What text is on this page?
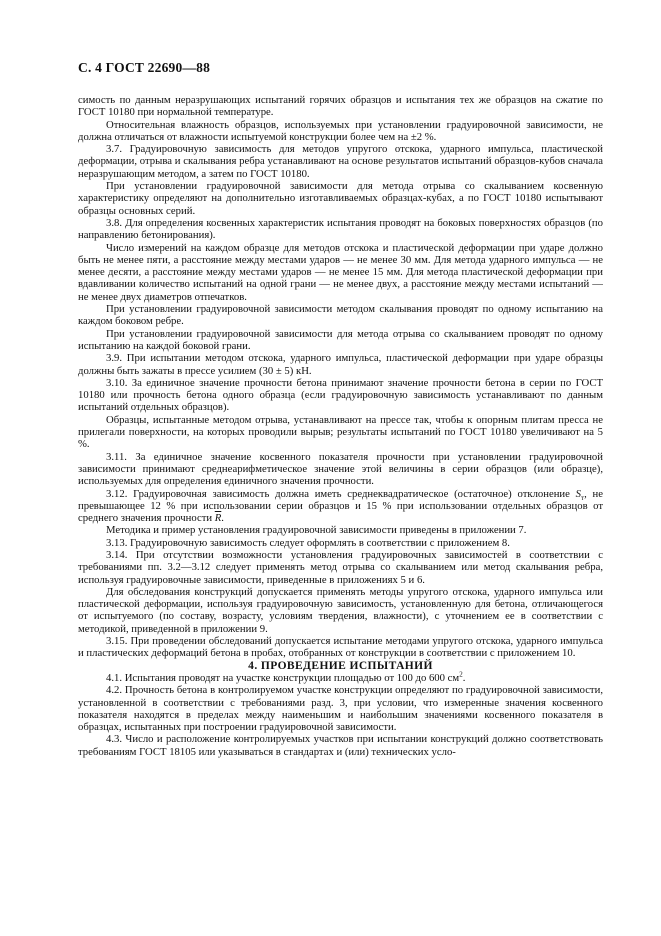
С. 4 ГОСТ 22690—88

симость по данным неразрушающих испытаний горячих образцов и испытания тех же образцов на сжатие по ГОСТ 10180 при нормальной температуре.

Относительная влажность образцов, используемых при установлении градуировочной зависимости, не должна отличаться от влажности испытуемой конструкции более чем на ±2 %.

3.7. Градуировочную зависимость для методов упругого отскока, ударного импульса, пластической деформации, отрыва и скалывания ребра устанавливают на основе результатов испытаний образцов-кубов сначала неразрушающим методом, а затем по ГОСТ 10180.

При установлении градуировочной зависимости для метода отрыва со скалыванием косвенную характеристику определяют на дополнительно изготавливаемых образцах-кубах, а по ГОСТ 10180 испытывают образцы основных серий.

3.8. Для определения косвенных характеристик испытания проводят на боковых поверхностях образцов (по направлению бетонирования).

Число измерений на каждом образце для методов отскока и пластической деформации при ударе должно быть не менее пяти, а расстояние между местами ударов — не менее 30 мм. Для метода ударного импульса — не менее десяти, а расстояние между местами ударов — не менее 15 мм. Для метода пластической деформации при вдавливании количество испытаний на одной грани — не менее двух, а расстояние между местами испытаний — не менее двух диаметров отпечатков.

При установлении градуировочной зависимости методом скалывания проводят по одному испытанию на каждом боковом ребре.

При установлении градуировочной зависимости для метода отрыва со скалыванием проводят по одному испытанию на каждой боковой грани.

3.9. При испытании методом отскока, ударного импульса, пластической деформации при ударе образцы должны быть зажаты в прессе усилием (30 ± 5) кН.

3.10. За единичное значение прочности бетона принимают значение прочности бетона в серии по ГОСТ 10180 или прочность бетона одного образца (если градуировочную зависимость устанавливают по данным испытаний отдельных образцов).

Образцы, испытанные методом отрыва, устанавливают на прессе так, чтобы к опорным плитам пресса не прилегали поверхности, на которых проводили вырыв; результаты испытаний по ГОСТ 10180 увеличивают на 5 %.

3.11. За единичное значение косвенного показателя прочности при установлении градуировочной зависимости принимают среднеарифметическое значение этой величины в серии образцов (или образце), используемых для определения единичного значения прочности.

3.12. Градуировочная зависимость должна иметь среднеквадратическое (остаточное) отклонение $S_т$, не превышающее 12 % при использовании серии образцов и 15 % при использовании отдельных образцов от среднего значения прочности $\overline{R}$.

Методика и пример установления градуировочной зависимости приведены в приложении 7.

3.13. Градуировочную зависимость следует оформлять в соответствии с приложением 8.

3.14. При отсутствии возможности установления градуировочных зависимостей в соответствии с требованиями пп. 3.2—3.12 следует применять метод отрыва со скалыванием или метод скалывания ребра, используя градуировочные зависимости, приведенные в приложениях 5 и 6.

Для обследования конструкций допускается применять методы упругого отскока, ударного импульса или пластической деформации, используя градуировочную зависимость, установленную для бетона, отличающегося от испытуемого (по составу, возрасту, условиям твердения, влажности), с уточнением ее в соответствии с методикой, приведенной в приложении 9.

3.15. При проведении обследований допускается испытание методами упругого отскока, ударного импульса и пластических деформаций бетона в пробах, отобранных от конструкции в соответствии с приложением 10.

4. ПРОВЕДЕНИЕ ИСПЫТАНИЙ

4.1. Испытания проводят на участке конструкции площадью от 100 до 600 $см^2$.

4.2. Прочность бетона в контролируемом участке конструкции определяют по градуировочной зависимости, установленной в соответствии с требованиями разд. 3, при условии, что измеренные значения косвенного показателя находятся в пределах между наименьшим и наибольшим значениями косвенного показателя в образцах, испытанных при построении градуировочной зависимости.

4.3. Число и расположение контролируемых участков при испытании конструкций должно соответствовать требованиям ГОСТ 18105 или указываться в стандартах и (или) технических усло-
